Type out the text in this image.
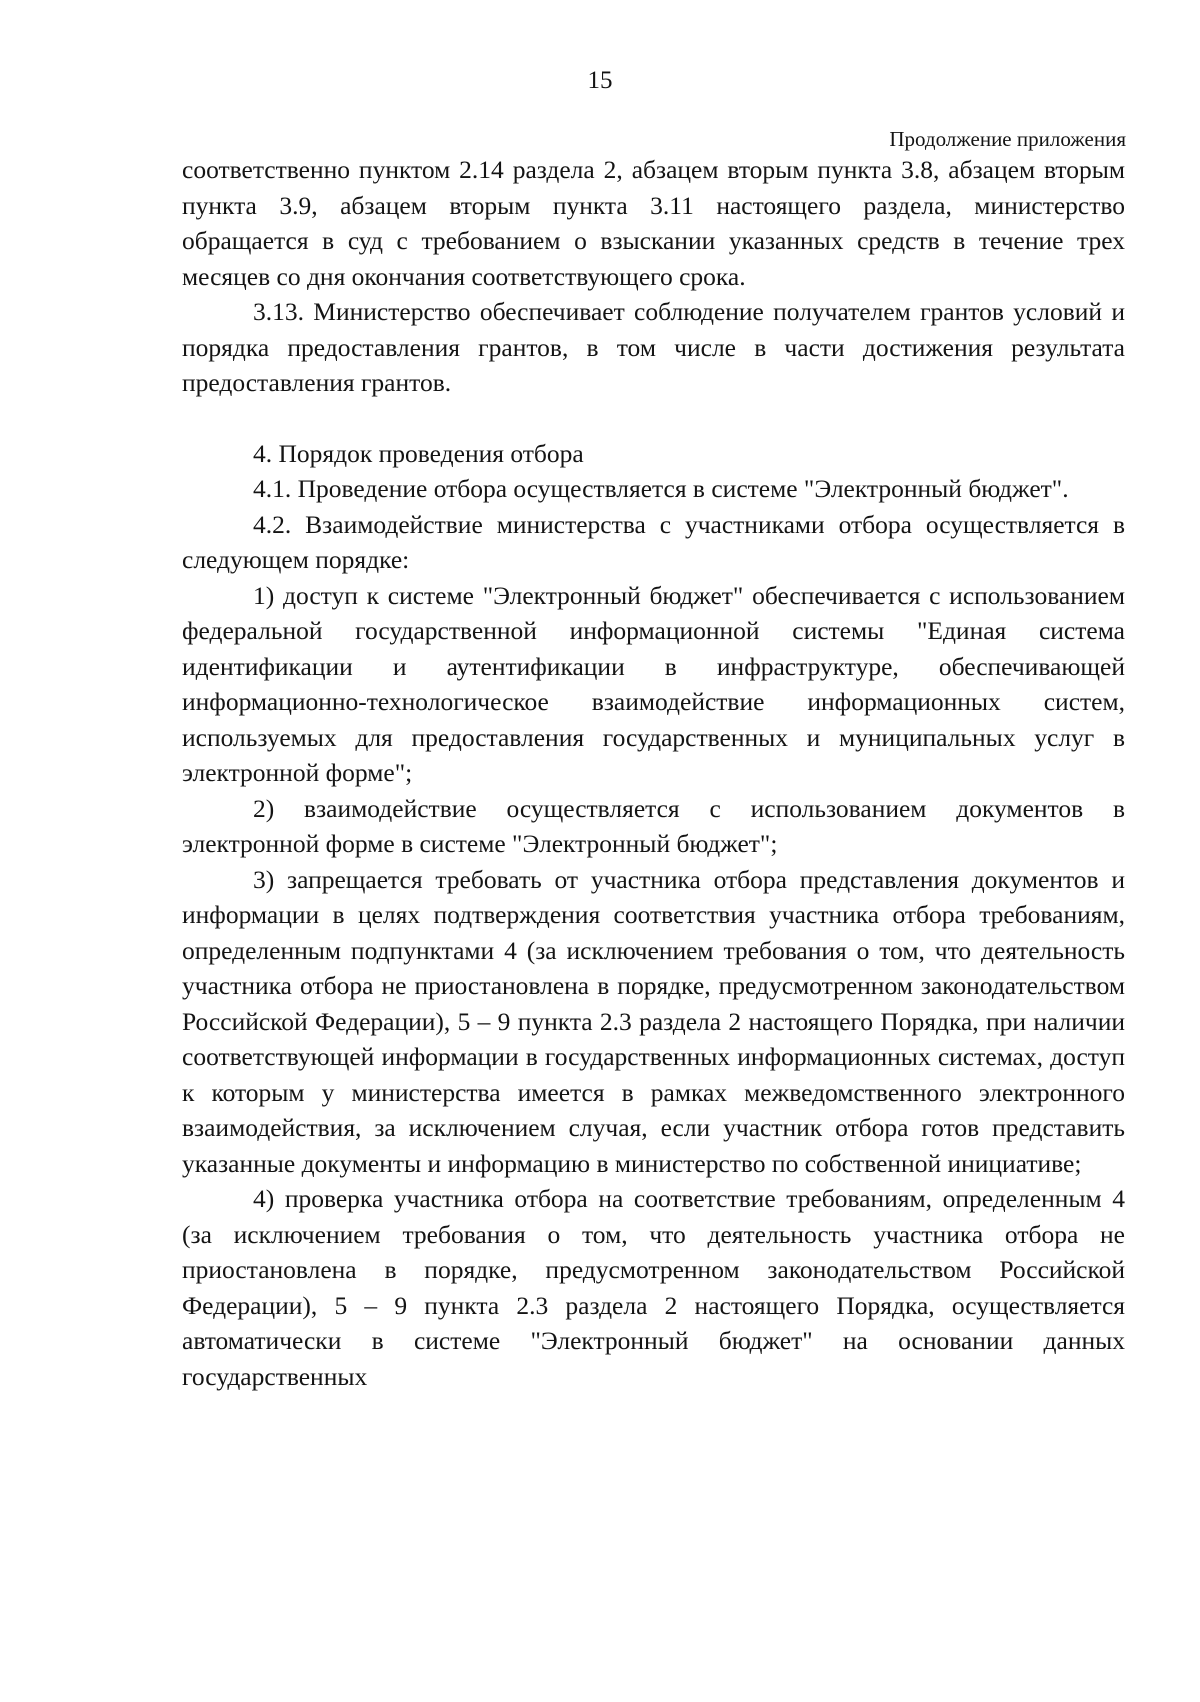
15
Продолжение приложения

соответственно пунктом 2.14 раздела 2, абзацем вторым пункта 3.8, абзацем вторым пункта 3.9, абзацем вторым пункта 3.11 настоящего раздела, министерство обращается в суд с требованием о взыскании указанных средств в течение трех месяцев со дня окончания соответствующего срока.

3.13. Министерство обеспечивает соблюдение получателем грантов условий и порядка предоставления грантов, в том числе в части достижения результата предоставления грантов.

4. Порядок проведения отбора

4.1. Проведение отбора осуществляется в системе "Электронный бюджет".

4.2. Взаимодействие министерства с участниками отбора осуществляется в следующем порядке:

1) доступ к системе "Электронный бюджет" обеспечивается с использованием федеральной государственной информационной системы "Единая система идентификации и аутентификации в инфраструктуре, обеспечивающей информационно-технологическое взаимодействие информационных систем, используемых для предоставления государственных и муниципальных услуг в электронной форме";

2) взаимодействие осуществляется с использованием документов в электронной форме в системе "Электронный бюджет";

3) запрещается требовать от участника отбора представления документов и информации в целях подтверждения соответствия участника отбора требованиям, определенным подпунктами 4 (за исключением требования о том, что деятельность участника отбора не приостановлена в порядке, предусмотренном законодательством Российской Федерации), 5 – 9 пункта 2.3 раздела 2 настоящего Порядка, при наличии соответствующей информации в государственных информационных системах, доступ к которым у министерства имеется в рамках межведомственного электронного взаимодействия, за исключением случая, если участник отбора готов представить указанные документы и информацию в министерство по собственной инициативе;

4) проверка участника отбора на соответствие требованиям, определенным 4 (за исключением требования о том, что деятельность участника отбора не приостановлена в порядке, предусмотренном законодательством Российской Федерации), 5 – 9 пункта 2.3 раздела 2 настоящего Порядка, осуществляется автоматически в системе "Электронный бюджет" на основании данных государственных
